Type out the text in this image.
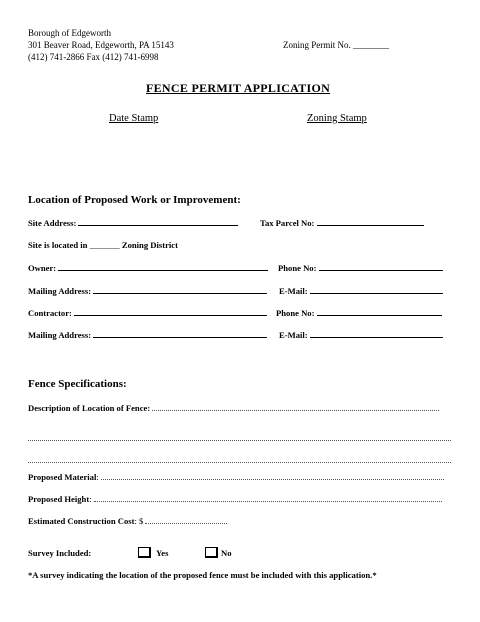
Borough of Edgeworth
301 Beaver Road, Edgeworth, PA 15143
(412) 741-2866 Fax (412) 741-6998
Zoning Permit No. ________
FENCE PERMIT APPLICATION
Date Stamp	Zoning Stamp
Location of Proposed Work or Improvement:
Site Address:	Tax Parcel No:
Site is located in _______ Zoning District
Owner:	Phone No:
Mailing Address:	E-Mail:
Contractor:	Phone No:
Mailing Address:	E-Mail:
Fence Specifications:
Description of Location of Fence:
Proposed Material:
Proposed Height:
Estimated Construction Cost: $
Survey Included:	Yes	No
*A survey indicating the location of the proposed fence must be included with this application.*
